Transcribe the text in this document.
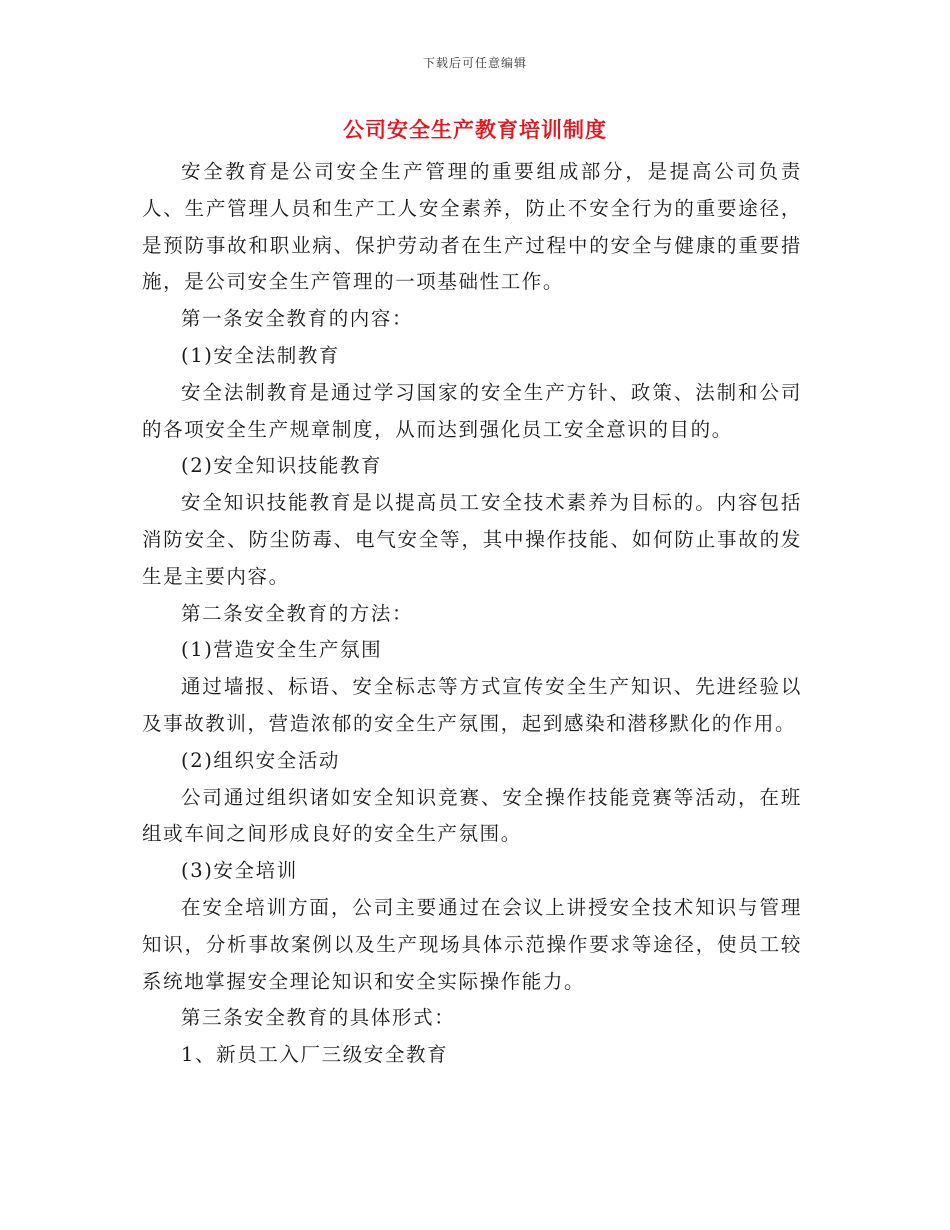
下载后可任意编辑
公司安全生产教育培训制度

安全教育是公司安全生产管理的重要组成部分，是提高公司负责人、生产管理人员和生产工人安全素养，防止不安全行为的重要途径，是预防事故和职业病、保护劳动者在生产过程中的安全与健康的重要措施，是公司安全生产管理的一项基础性工作。

第一条安全教育的内容：

(1)安全法制教育

安全法制教育是通过学习国家的安全生产方针、政策、法制和公司的各项安全生产规章制度，从而达到强化员工安全意识的目的。

(2)安全知识技能教育

安全知识技能教育是以提高员工安全技术素养为目标的。内容包括消防安全、防尘防毒、电气安全等，其中操作技能、如何防止事故的发生是主要内容。

第二条安全教育的方法：

(1)营造安全生产氛围

通过墙报、标语、安全标志等方式宣传安全生产知识、先进经验以及事故教训，营造浓郁的安全生产氛围，起到感染和潜移默化的作用。

(2)组织安全活动

公司通过组织诸如安全知识竞赛、安全操作技能竞赛等活动，在班组或车间之间形成良好的安全生产氛围。

(3)安全培训

在安全培训方面，公司主要通过在会议上讲授安全技术知识与管理知识，分析事故案例以及生产现场具体示范操作要求等途径，使员工较系统地掌握安全理论知识和安全实际操作能力。

第三条安全教育的具体形式：

1、新员工入厂三级安全教育
